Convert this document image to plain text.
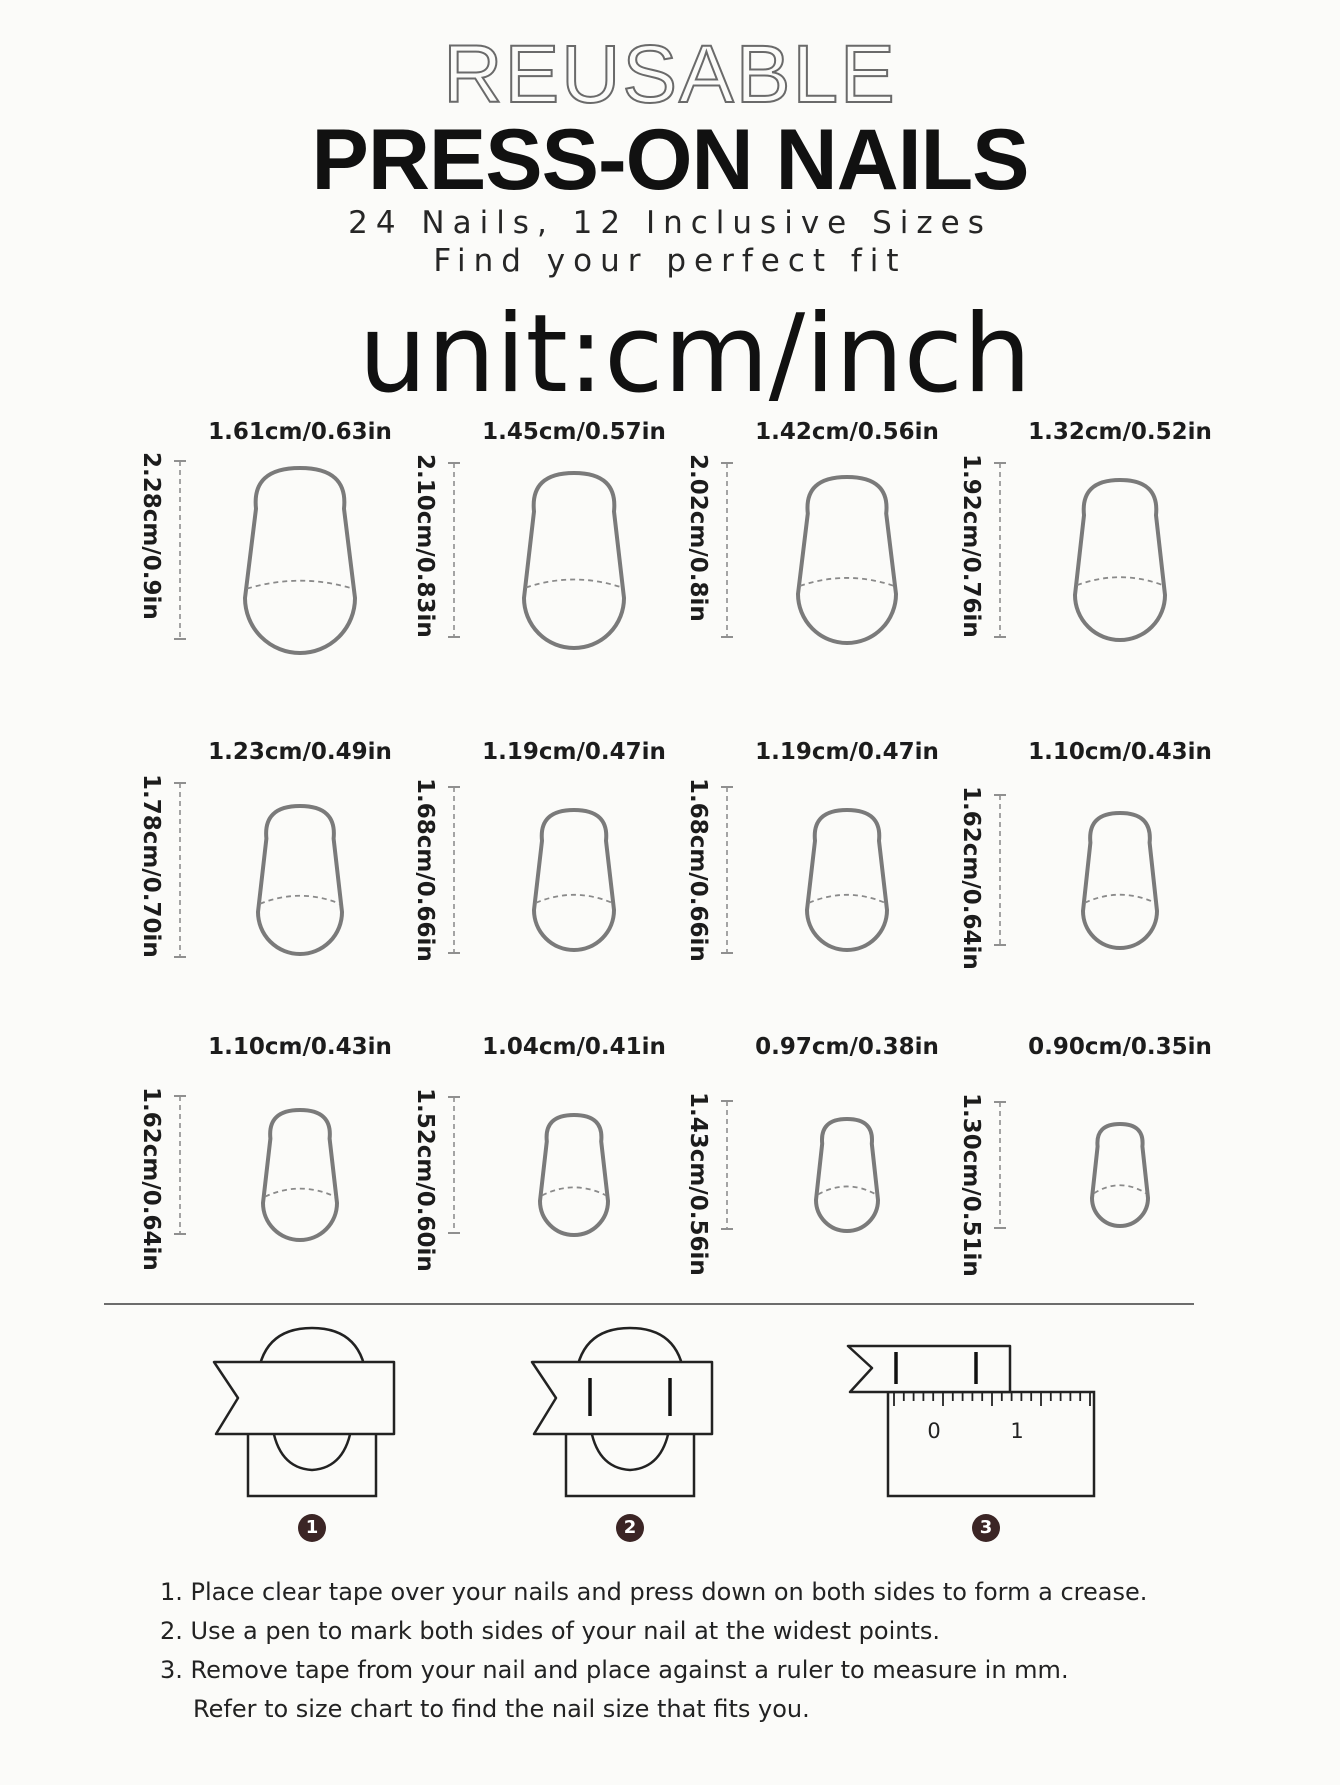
REUSABLE
PRESS-ON NAILS
24 Nails, 12 Inclusive Sizes
Find your perfect fit
unit:cm/inch
1.61cm/0.63in
2.28cm/0.9in
1.45cm/0.57in
2.10cm/0.83in
1.42cm/0.56in
2.02cm/0.8in
1.32cm/0.52in
1.92cm/0.76in
1.23cm/0.49in
1.78cm/0.70in
1.19cm/0.47in
1.68cm/0.66in
1.19cm/0.47in
1.68cm/0.66in
1.10cm/0.43in
1.62cm/0.64in
1.10cm/0.43in
1.62cm/0.64in
1.04cm/0.41in
1.52cm/0.60in
0.97cm/0.38in
1.43cm/0.56in
0.90cm/0.35in
1.30cm/0.51in
1	2
0	1
3
1. Place clear tape over your nails and press down on both sides to form a crease.
2. Use a pen to mark both sides of your nail at the widest points.
3. Remove tape from your nail and place against a ruler to measure in mm.
Refer to size chart to find the nail size that fits you.
